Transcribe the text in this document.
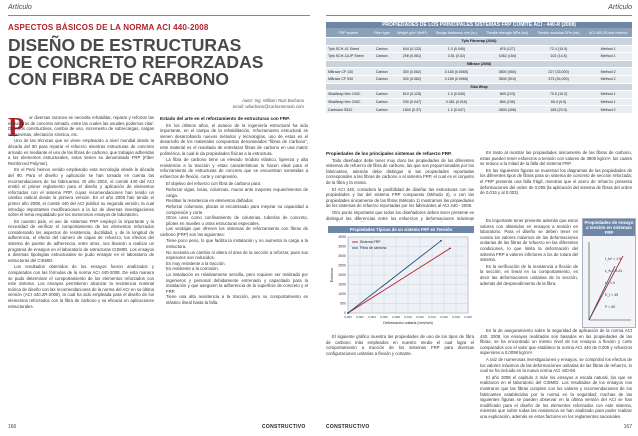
Artículo	Artículo
ASPECTOS BÁSICOS DE LA NORMA ACI 440-2008
DISEÑO DE ESTRUCTURAS
DE CONCRETO REFORZADAS
CON FIBRA DE CARBONO
Autor: Ing. William Ruiz Burbano
email: wburbano@carbonomasb.com
P	or diversas razones se necesita rehabilitar, reparar y reforzar las estructuras de concreto armado, entre las cuales las usuales podemos citar: Defectos constructivos, cambio de uso, incremento de sobrecargas, cargas no previstas, afectación sísmica, etc.

Uno de las técnicas que se viene empleando a nivel mundial desde la década del 80 para reparar el refuerzo mientras estructuras de concreto armado es mediante el uso de las fibras de carbono, que trabajan adheridas a los elementos estructurales, estos tienen su denominado FRP (Fiber Reinforced Polymer).

En el Perú hemos venido empleando esta tecnología desde la década del 90. Para el diseño y aplicación se han tomado en cuenta las recomendaciones de los fabricantes. El año 2002, el comité 440 del ACI emitió el primer reglamento para el diseño y aplicación de elementos reforzados con el sistema FRP, cuyas recomendaciones han tenido un cambio radical desde la primera versión. En el año 2008 han tenido el primer año 2008, el comité 440 del ACI publicó su segunda versión, la cual introdujo importantes modificaciones a la luz de diversas investigaciones sobre el tema respaldado por los numerosos ensayos de laboratorio.

En nuestro país, el uso de sistemas FRP empleyó la importante y la necesidad de verificar el comportamiento de los elementos reforzados considerando los aspectos de resistencia, ductilidad, y de la longitud de adherencia, el efecto del número de capas de refuerzo, los efectos del sistema de puente de adherencia, entre otros, nos llevaron a realizar un programa de ensayos en el laboratorio de estructuras CISMID. Los ensayos a diversas tipologías estructurales se pudo ensayar en el laboratorio de estructuras del CISMID.

Los resultados obtenidos de los ensayos fueron analizados y comparados con las fórmulas de la norma ACI 440-2008. De esta manera se pudo determinar el comportamiento de los elementos reforzados con este sistema. Los ensayos permitieron alcanzar la resistencia nominal teórica de diseño con las recomendaciones de la norma del ACI en su última versión (ACI 440.2R-2008), la cual ha sido empleada para el diseño de los elementos reforzados con la fibra de carbono y su eficacia en aplicaciones estructurales.

Estado del arte en el reforzamiento de estructuras con FRP.

En los últimos años, el avance de la ingeniería estructural ha sido importante, en el campo de la rehabilitación, reforzamiento estructural se vienen desarrollando nuevos métodos y tecnologías, uno de estos es el desarrollo de los materiales compuestos denominados "fibras de Carbono", este material es el resultado de entrelazar fibras de carbono en una matriz polimérica, la cual le da propiedades físicas a la estructura.

La fibra de carbono tiene un elevado módulo elástico, ligereza y alta resistencia a la tracción y estas características lo hacen ideal para el reforzamiento de estructuras de concreto que se encuentran sometidas a esfuerzos de flexión, corte y compresión.

El objetivo del refuerzo con fibra de carbono para:

• Reforzar vigas, losas, columnas, muros ante mayores requerimientos de carga.
• Restituir la resistencia en elementos dañados.
• Reforzar columnas, placas al encamisado para mejorar su capacidad a compresión y corte.
• Otros usos como confinamiento de columnas, tuberías de concreto, pilotes en muelles u otras estructuras especiales.

Las ventajas que ofrecen los sistemas de reforzamiento con fibras de carbono (FRP) son las siguientes:

• Tiene poco peso, lo que facilita la instalación y no aumenta la carga a la estructura.
• No necesita un cambio ni altera el área de la sección a reforzar, pues sus espesores son reducidos.
• Es muy resistente a la tracción.
• Es resistente a la corrosión.
• La instalación es relativamente sencilla, pero requiere ser realizada por ingenieros y personal debidamente entrenado y capacitado para la instalación y que aseguren la adherencia de la superficie de concreto y el FRP.
• Tiene una alta resistencia a la tracción, pero su comportamiento es elástico lineal hasta la falla.
PROPIEDADES DE LOS PRINCIPALES SISTEMAS FRP COMITÉ ACI - 440-R (2008)
FRP system	Fiber type	Weight g/m² (lb/ft²)	Design thickness mm (in.)	Tensile strength MPa (ksi)	Tensile modulus GPa (ksi)	ACI 440.2R test method
Tyfo Fibrwrap (2008)						
Tyfo SCH-41 Sheet	Carbon	644 (0.132)	1.0 (0.040)	876 (127)	72.4 (10.5)	Method 1
Tyfo SCH-11UP Sheet	Carbon	298 (0.061)	0.51 (0.02)	1062 (154)	102 (14.8)	Method 1
MBrace (2008)						
MBrace CF 130	Carbon	300 (0.062)	0.165 (0.0065)	3800 (550)	227 (33,000)	Method 2
MBrace CF 530	Carbon	300 (0.062)	0.165 (0.0065)	3500 (510)	373 (54,000)	Method 2
Sika Wrap						
SikaWrap Hex 103C	Carbon	610 (0.125)	1.0 (0.040)	849 (123)	70.5 (10.2)	Method 1
SikaWrap Hex 230C	Carbon	230 (0.047)	0.381 (0.015)	894 (130)	65.4 (9.5)	Method 1
Carbodur S512	Carbon	1800 (0.37)	1.2 (0.047)	2800 (406)	165 (23.9)	Method 2
Propiedades de los principales sistemas de refuerzo FRP.

Todo diseñador debe tener muy claro las propiedades de los diferentes sistemas de refuerzo de fibra de carbono, las que son proporcionadas por los fabricantes, además debe distinguir si las propiedades reportadas corresponden a las fibras de carbono o al sistema FRP, el cual es el conjunto de la fibra y la resina.

El ACI 440, considera la posibilidad de diseñar las estructuras con las propiedades y las del sistema FRP compuesto (Método 2), o con las propiedades únicamente de las fibras (Método 1) mostramos las propiedades de los sistemas de refuerzo reportadas por los fabricantes al ACI 440 - 2008.

Otro punto importante que todos los diseñadores deben tener presente es distinguir las diferencias entre los esfuerzos y deformaciones máximas

Propiedades Típicas de un sistema FRP en Tensión
0
500
1000
1500
2000
2500
3000
3500
4000
0.000 0.002 0.004 0.006 0.008 0.010 0.012 0.014 0.016 0.018 0.020
Sistema FRP
Fibra de carbono
Deformación unitaria (mm/mm)
Esfuerzo

El siguiente gráfico muestra las propiedades de uno de los tipos de fibra de carbono más empleados en nuestro medio el cual logra el comportamiento a tracción de los sistemas FRP para diversas configuraciones unitarias a flexión y cortante.

En tanto al mostrar las propiedades únicamente de las fibras de carbono, estas pueden tener esfuerzos a tensión con valores de 3800 kg/cm², los cuales se reduce a la mitad de la falla del sistema FRP.

En las siguientes figuras se muestran los diagramas de las propiedades de los diferentes tipos de fibras para un sistema de concreto de sección reforzada; el FRP presenta una falla frágil, mientras que el acero de refuerzo presenta deformaciones del orden de 0.005 (la aplicación del sistema de fibras del orden de 0.015 y al 0.003).

Es importante tener presente además que estos valores con obtenidos en ensayos a tensión en laboratorio. Para el diseño se deben tener en cuenta los valores máximos de las deformaciones unitarias de las fibras de refuerzo en las diferentes condiciones, lo que limita la deformación del sistema FRP a valores inferiores a los de rotura del sistema.

En la verificación de la resistencia a flexión de la sección, es lineal en su comportamiento, es decir las deformaciones unitarias de la sección, además del desprendimiento de la fibra.

Propiedades de ensayo a tensión en sistemas FRP
f_fu* = 1.5
ε_fu = 5 #1
t = 1.0
E_f = 45
f* = 60

En la de aseguramiento sobre la seguridad de aplicación de la norma ACI 440. 2008, los ensayos realizados son basados en las propiedades de las fibras, se ha encontrado un mismo nivel de los ensayos a flexión y corte comparados con el valor que establece la norma ACI 440 de 0.005 y refuerzos superiores a 0.0098 kg/cm².

A raíz de numerosas investigaciones y ensayos, se comprobó los efectos de los valores máximos de las deformaciones unitarias de las fibras de refuerzo, lo cual se ha incluido en la nueva norma ACI 440-08.

El año 2008 el capítulo 2 más los ensayos a escala natural, los que se realizaron en el laboratorio del CISMID. Los resultados de los ensayos nos mostraron que las fibras cumplen con los valores y recomendaciones de los fabricantes establecidas por la norma en la seguridad; muchas de las siguientes figuras se pueden observar en la última versión del ACI se han modificado para el diseño de los elementos reforzados con este sistema, mientras que sobre todas las resistencia se han analizado para poder realizar una explicación, además se estos factores en los reglamentos nacionales.

166	CONSTRUCTIVO	CONSTRUCTIVO	167
